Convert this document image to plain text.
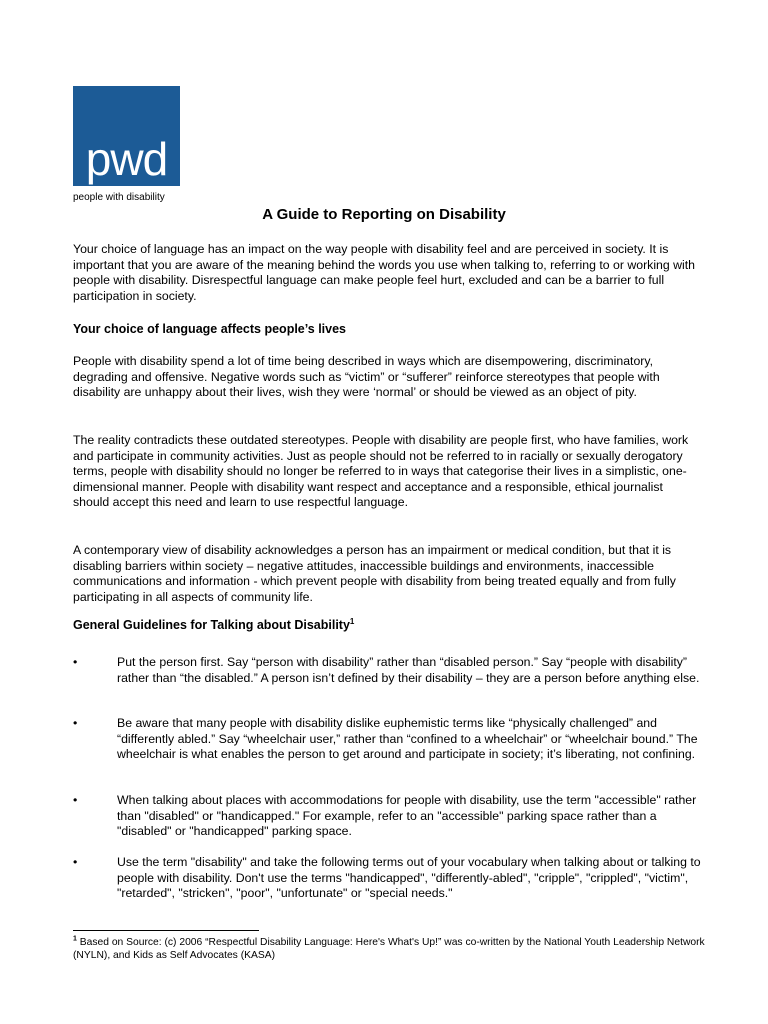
pwd
people with disability
A Guide to Reporting on Disability

Your choice of language has an impact on the way people with disability feel and are perceived in society. It is important that you are aware of the meaning behind the words you use when talking to, referring to or working with people with disability. Disrespectful language can make people feel hurt, excluded and can be a barrier to full participation in society.

Your choice of language affects people’s lives

People with disability spend a lot of time being described in ways which are disempowering, discriminatory, degrading and offensive. Negative words such as “victim” or “sufferer” reinforce stereotypes that people with disability are unhappy about their lives, wish they were ‘normal’ or should be viewed as an object of pity.

The reality contradicts these outdated stereotypes. People with disability are people first, who have families, work and participate in community activities. Just as people should not be referred to in racially or sexually derogatory terms, people with disability should no longer be referred to in ways that categorise their lives in a simplistic, one-dimensional manner. People with disability want respect and acceptance and a responsible, ethical journalist should accept this need and learn to use respectful language.

A contemporary view of disability acknowledges a person has an impairment or medical condition, but that it is disabling barriers within society – negative attitudes, inaccessible buildings and environments, inaccessible communications and information - which prevent people with disability from being treated equally and from fully participating in all aspects of community life.

General Guidelines for Talking about Disability$^1$

•	Put the person first. Say “person with disability” rather than “disabled person.” Say “people with disability” rather than “the disabled.” A person isn’t defined by their disability – they are a person before anything else.
•	Be aware that many people with disability dislike euphemistic terms like “physically challenged” and “differently abled.” Say “wheelchair user,” rather than “confined to a wheelchair” or “wheelchair bound.” The wheelchair is what enables the person to get around and participate in society; it’s liberating, not confining.
•	When talking about places with accommodations for people with disability, use the term "accessible" rather than "disabled" or "handicapped." For example, refer to an "accessible" parking space rather than a "disabled" or "handicapped" parking space.
•	Use the term "disability" and take the following terms out of your vocabulary when talking about or talking to people with disability. Don't use the terms "handicapped", "differently-abled", "cripple", "crippled", "victim", "retarded", "stricken", "poor", "unfortunate" or "special needs."
$^1$ Based on Source: (c) 2006 “Respectful Disability Language: Here's What's Up!” was co-written by the National Youth Leadership Network (NYLN), and Kids as Self Advocates (KASA)
